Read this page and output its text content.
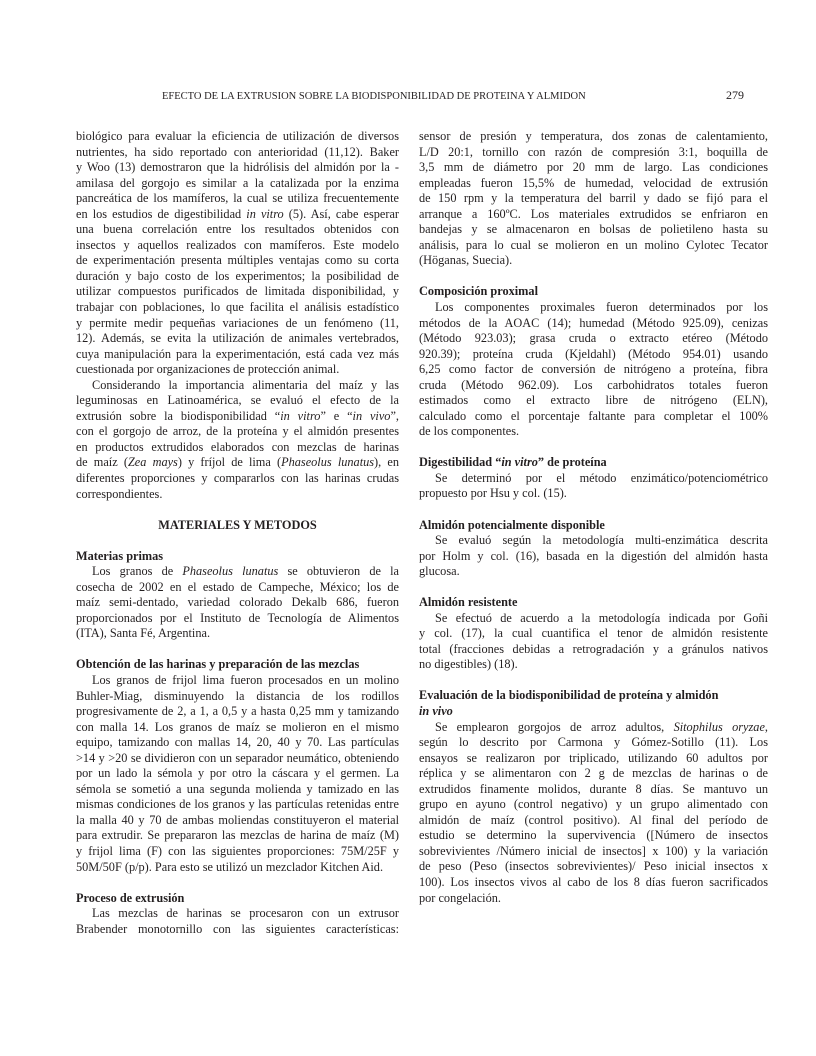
EFECTO DE LA EXTRUSION SOBRE LA BIODISPONIBILIDAD DE PROTEINA Y ALMIDON	279
biológico para evaluar la eficiencia de utilización de diversos
nutrientes, ha sido reportado con anterioridad (11,12). Baker
y Woo (13) demostraron que la hidrólisis del almidón por la -
amilasa del gorgojo es similar a la catalizada por la enzima
pancreática de los mamíferos, la cual se utiliza frecuentemente
en los estudios de digestibilidad in vitro (5). Así, cabe esperar
una buena correlación entre los resultados obtenidos con
insectos y aquellos realizados con mamíferos. Este modelo
de experimentación presenta múltiples ventajas como su corta
duración y bajo costo de los experimentos; la posibilidad de
utilizar compuestos purificados de limitada disponibilidad, y
trabajar con poblaciones, lo que facilita el análisis estadístico
y permite medir pequeñas variaciones de un fenómeno (11,
12). Además, se evita la utilización de animales vertebrados,
cuya manipulación para la experimentación, está cada vez más
cuestionada por organizaciones de protección animal.
Considerando la importancia alimentaria del maíz y las
leguminosas en Latinoamérica, se evaluó el efecto de la
extrusión sobre la biodisponibilidad “in vitro” e “in vivo”,
con el gorgojo de arroz, de la proteína y el almidón presentes
en productos extrudidos elaborados con mezclas de harinas
de maíz (Zea mays) y fríjol de lima (Phaseolus lunatus), en
diferentes proporciones y compararlos con las harinas crudas
correspondientes.
MATERIALES Y METODOS
Materias primas
Los granos de Phaseolus lunatus se obtuvieron de la
cosecha de 2002 en el estado de Campeche, México; los de
maíz semi-dentado, variedad colorado Dekalb 686, fueron
proporcionados por el Instituto de Tecnología de Alimentos
(ITA), Santa Fé, Argentina.
Obtención de las harinas y preparación de las mezclas
Los granos de frijol lima fueron procesados en un molino
Buhler-Miag, disminuyendo la distancia de los rodillos
progresivamente de 2, a 1, a 0,5 y a hasta 0,25 mm y tamizando
con malla 14. Los granos de maíz se molieron en el mismo
equipo, tamizando con mallas 14, 20, 40 y 70. Las partículas
>14 y >20 se dividieron con un separador neumático, obteniendo
por un lado la sémola y por otro la cáscara y el germen. La
sémola se sometió a una segunda molienda y tamizado en las
mismas condiciones de los granos y las partículas retenidas entre
la malla 40 y 70 de ambas moliendas constituyeron el material
para extrudir. Se prepararon las mezclas de harina de maíz (M)
y frijol lima (F) con las siguientes proporciones: 75M/25F y
50M/50F (p/p). Para esto se utilizó un mezclador Kitchen Aid.
Proceso de extrusión
Las mezclas de harinas se procesaron con un extrusor
Brabender monotornillo con las siguientes características:
sensor de presión y temperatura, dos zonas de calentamiento,
L/D 20:1, tornillo con razón de compresión 3:1, boquilla de
3,5 mm de diámetro por 20 mm de largo. Las condiciones
empleadas fueron 15,5% de humedad, velocidad de extrusión
de 150 rpm y la temperatura del barril y dado se fijó para el
arranque a 160ºC. Los materiales extrudidos se enfriaron en
bandejas y se almacenaron en bolsas de polietileno hasta su
análisis, para lo cual se molieron en un molino Cylotec Tecator
(Höganas, Suecia).
Composición proximal
Los componentes proximales fueron determinados por los
métodos de la AOAC (14); humedad (Método 925.09), cenizas
(Método 923.03); grasa cruda o extracto etéreo (Método
920.39); proteína cruda (Kjeldahl) (Método 954.01) usando
6,25 como factor de conversión de nitrógeno a proteína, fibra
cruda (Método 962.09). Los carbohidratos totales fueron
estimados como el extracto libre de nitrógeno (ELN),
calculado como el porcentaje faltante para completar el 100%
de los componentes.
Digestibilidad “in vitro” de proteína
Se determinó por el método enzimático/potenciométrico
propuesto por Hsu y col. (15).
Almidón potencialmente disponible
Se evaluó según la metodología multi-enzimática descrita
por Holm y col. (16), basada en la digestión del almidón hasta
glucosa.
Almidón resistente
Se efectuó de acuerdo a la metodología indicada por Goñi
y col. (17), la cual cuantifica el tenor de almidón resistente
total (fracciones debidas a retrogradación y a gránulos nativos
no digestibles) (18).
Evaluación de la biodisponibilidad de proteína y almidón
in vivo
Se emplearon gorgojos de arroz adultos, Sitophilus oryzae,
según lo descrito por Carmona y Gómez-Sotillo (11). Los
ensayos se realizaron por triplicado, utilizando 60 adultos por
réplica y se alimentaron con 2 g de mezclas de harinas o de
extrudidos finamente molidos, durante 8 días. Se mantuvo un
grupo en ayuno (control negativo) y un grupo alimentado con
almidón de maíz (control positivo). Al final del período de
estudio se determino la supervivencia ([Número de insectos
sobrevivientes /Número inicial de insectos] x 100) y la variación
de peso (Peso (insectos sobrevivientes)/ Peso inicial insectos x
100). Los insectos vivos al cabo de los 8 días fueron sacrificados
por congelación.
